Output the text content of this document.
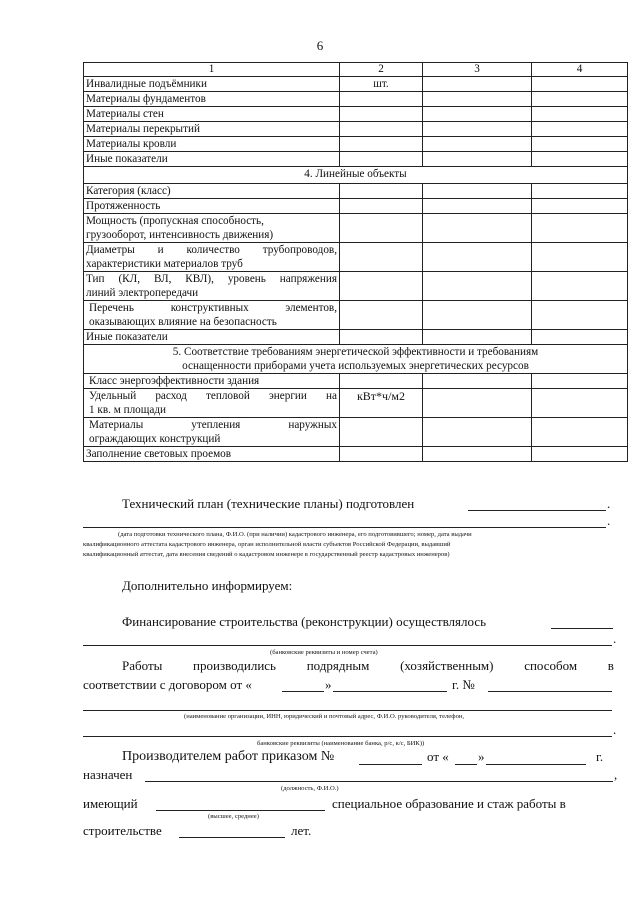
6
1	2	3	4
Инвалидные подъёмники	шт.		
Материалы фундаментов			
Материалы стен			
Материалы перекрытий			
Материалы кровли			
Иные показатели			
4. Линейные объекты			
Категория (класс)			
Протяженность			

Мощность (пропускная способность,
грузооборот, интенсивность движения)			

Диаметры и количество трубопроводов,
характеристики материалов труб			

Тип (КЛ, ВЛ, КВЛ), уровень напряжения
линий электропередачи			

Перечень конструктивных элементов,
оказывающих влияние на безопасность			

Иные показатели			

5. Соответствие требованиям энергетической эффективности и требованиям
оснащенности приборами учета используемых энергетических ресурсов			

Класс энергоэффективности здания			

Удельный расход тепловой энергии на
1 кв. м площади	кВт*ч/м2		

Материалы утепления наружных
ограждающих конструкций			

Заполнение световых проемов			
Технический план (технические планы) подготовлен	.
.
(дата подготовки технического плана, Ф.И.О. (при наличии) кадастрового инженера, его подготовившего; номер, дата выдачи
квалификационного аттестата кадастрового инженера, орган исполнительной власти субъектов Российской Федерации, выдавший
квалификационный аттестат, дата внесения сведений о кадастровом инженере в государственный реестр кадастровых инженеров)
Дополнительно информируем:
Финансирование строительства (реконструкции) осуществлялось
.
(банковские реквизиты и номер счета)
Работы производились подрядным (хозяйственным) способом в
соответствии с договором от «	»	г. №
(наименование организации, ИНН, юридический и почтовый адрес, Ф.И.О. руководителя, телефон,
.
банковские реквизиты (наименование банка, р/с, к/с, БИК))
Производителем работ приказом №	от « »	г.
назначен	,
(должность, Ф.И.О.)
имеющий	специальное образование и стаж работы в
(высшее, среднее)
строительстве	лет.
